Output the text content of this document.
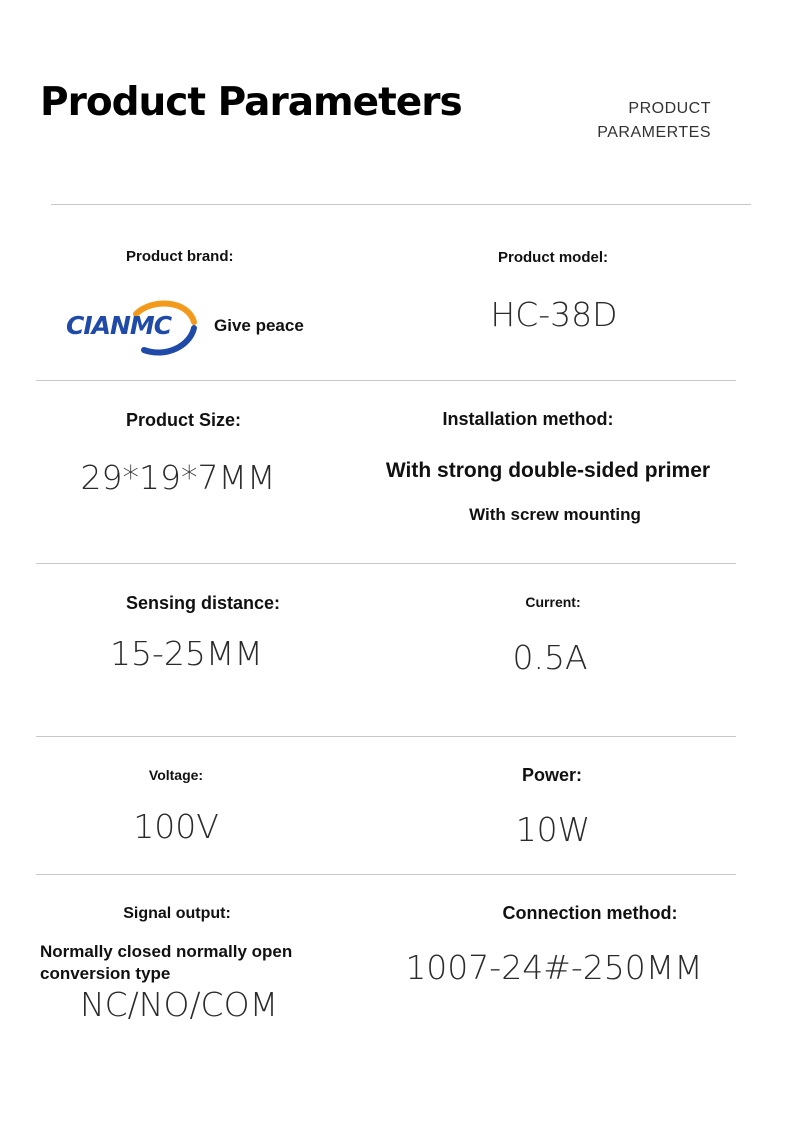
Product Parameters	PRODUCT
PARAMERTES
Product brand:
CIANMC	Give peace
Product model:
HC-38D
Product Size:
29*19*7MM
Installation method:
With strong double-sided primer
With screw mounting
Sensing distance:
15-25MM
Current:
0.5A
Voltage:
100V
Power:
10W
Signal output:
Normally closed normally open
conversion type
NC/NO/COM
Connection method:
1007-24#-250MM
